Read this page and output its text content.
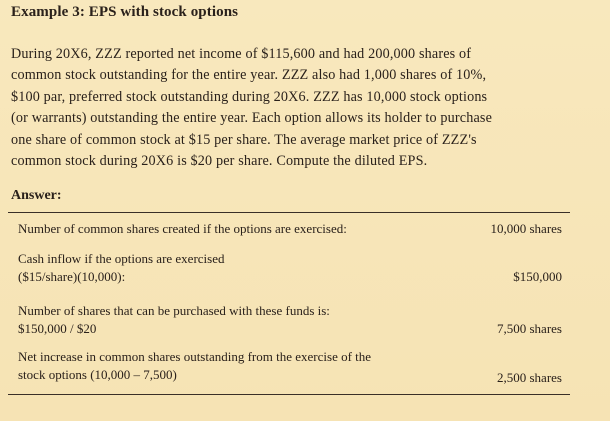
Example 3: EPS with stock options
During 20X6, ZZZ reported net income of $115,600 and had 200,000 shares of
common stock outstanding for the entire year. ZZZ also had 1,000 shares of 10%,
$100 par, preferred stock outstanding during 20X6. ZZZ has 10,000 stock options
(or warrants) outstanding the entire year. Each option allows its holder to purchase
one share of common stock at $15 per share. The average market price of ZZZ's
common stock during 20X6 is $20 per share. Compute the diluted EPS.
Answer:
Number of common shares created if the options are exercised:	10,000 shares
Cash inflow if the options are exercised
($15/share)(10,000):	$150,000
Number of shares that can be purchased with these funds is:
$150,000 / $20	7,500 shares
Net increase in common shares outstanding from the exercise of the
stock options (10,000 – 7,500)	2,500 shares
